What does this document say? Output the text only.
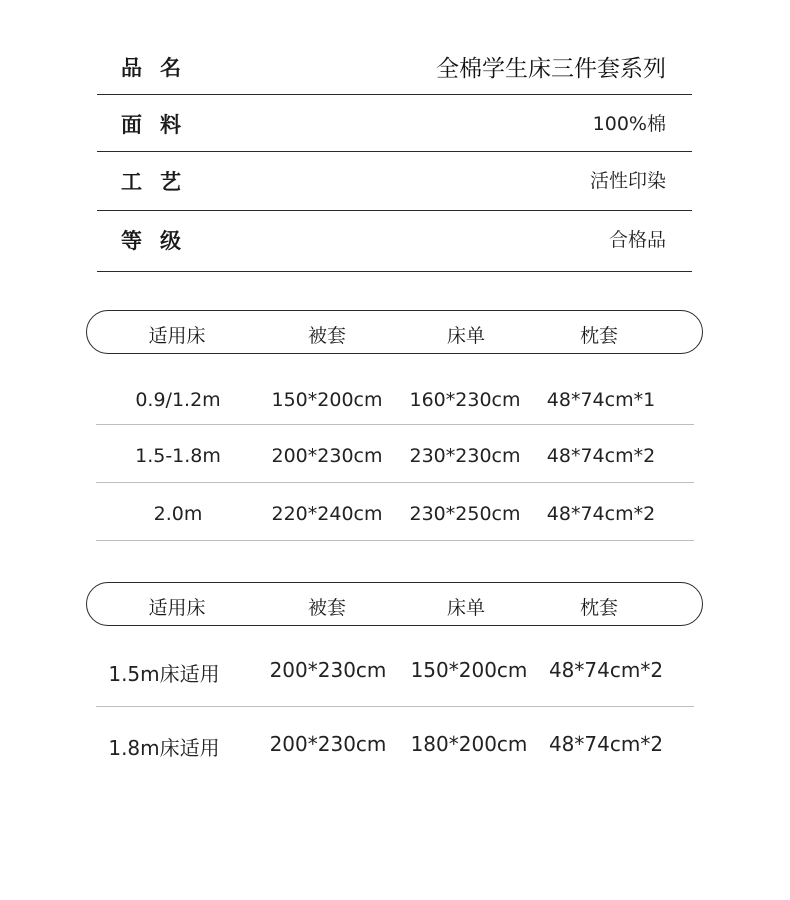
品名	全棉学生床三件套系列
面料	100%棉
工艺	活性印染
等级	合格品
适用床	被套	床单	枕套
0.9/1.2m	150*200cm 160*230cm 48*74cm*1
1.5-1.8m	200*230cm 230*230cm 48*74cm*2
2.0m	220*240cm 230*250cm 48*74cm*2
适用床	被套	床单	枕套
1.5m床适用 200*230cm 150*200cm 48*74cm*2
1.8m床适用 200*230cm 180*200cm 48*74cm*2
